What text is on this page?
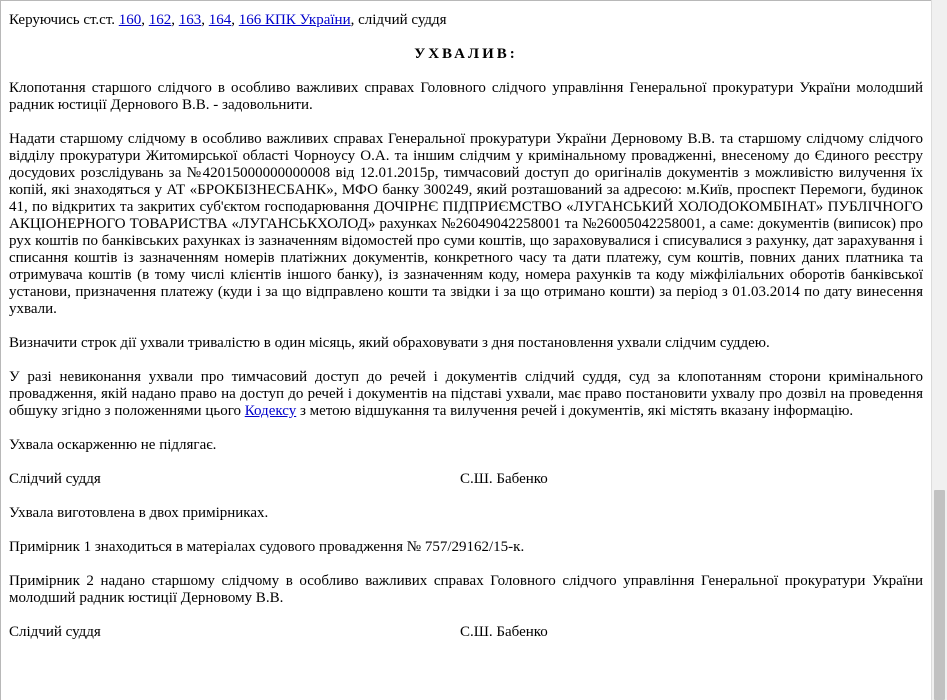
Керуючись ст.ст. 160, 162, 163, 164, 166 КПК України, слідчий суддя

УХВАЛИВ:

Клопотання старшого слідчого в особливо важливих справах Головного слідчого управління Генеральної прокуратури України молодший радник юстиції Дернового В.В. - задовольнити.

Надати старшому слідчому в особливо важливих справах Генеральної прокуратури України Дерновому В.В. та старшому слідчому слідчого відділу прокуратури Житомирської області Чорноусу О.А. та іншим слідчим у кримінальному провадженні, внесеному до Єдиного реєстру досудових розслідувань за №42015000000000008 від 12.01.2015р, тимчасовий доступ до оригіналів документів з можливістю вилучення їх копій, які знаходяться у АТ «БРОКБІЗНЕСБАНК», МФО банку 300249, який розташований за адресою: м.Київ, проспект Перемоги, будинок 41, по відкритих та закритих суб'єктом господарювання ДОЧІРНЄ ПІДПРИЄМСТВО «ЛУГАНСЬКИЙ ХОЛОДОКОМБІНАТ» ПУБЛІЧНОГО АКЦІОНЕРНОГО ТОВАРИСТВА «ЛУГАНСЬКХОЛОД» рахунках №26049042258001 та №26005042258001, а саме: документів (виписок) про рух коштів по банківських рахунках із зазначенням відомостей про суми коштів, що зараховувалися і списувалися з рахунку, дат зарахування і списання коштів із зазначенням номерів платіжних документів, конкретного часу та дати платежу, сум коштів, повних даних платника та отримувача коштів (в тому числі клієнтів іншого банку), із зазначенням коду, номера рахунків та коду міжфіліальних оборотів банківської установи, призначення платежу (куди і за що відправлено кошти та звідки і за що отримано кошти) за період з 01.03.2014 по дату винесення ухвали.

Визначити строк дії ухвали тривалістю в один місяць, який обраховувати з дня постановлення ухвали слідчим суддею.

У разі невиконання ухвали про тимчасовий доступ до речей і документів слідчий суддя, суд за клопотанням сторони кримінального провадження, якій надано право на доступ до речей і документів на підставі ухвали, має право постановити ухвалу про дозвіл на проведення обшуку згідно з положеннями цього Кодексу з метою відшукання та вилучення речей і документів, які містять вказану інформацію.

Ухвала оскарженню не підлягає.

Слідчий суддя	С.Ш. Бабенко

Ухвала виготовлена в двох примірниках.

Примірник 1 знаходиться в матеріалах судового провадження № 757/29162/15-к.

Примірник 2 надано старшому слідчому в особливо важливих справах Головного слідчого управління Генеральної прокуратури України молодший радник юстиції Дерновому В.В.

Слідчий суддя	С.Ш. Бабенко
